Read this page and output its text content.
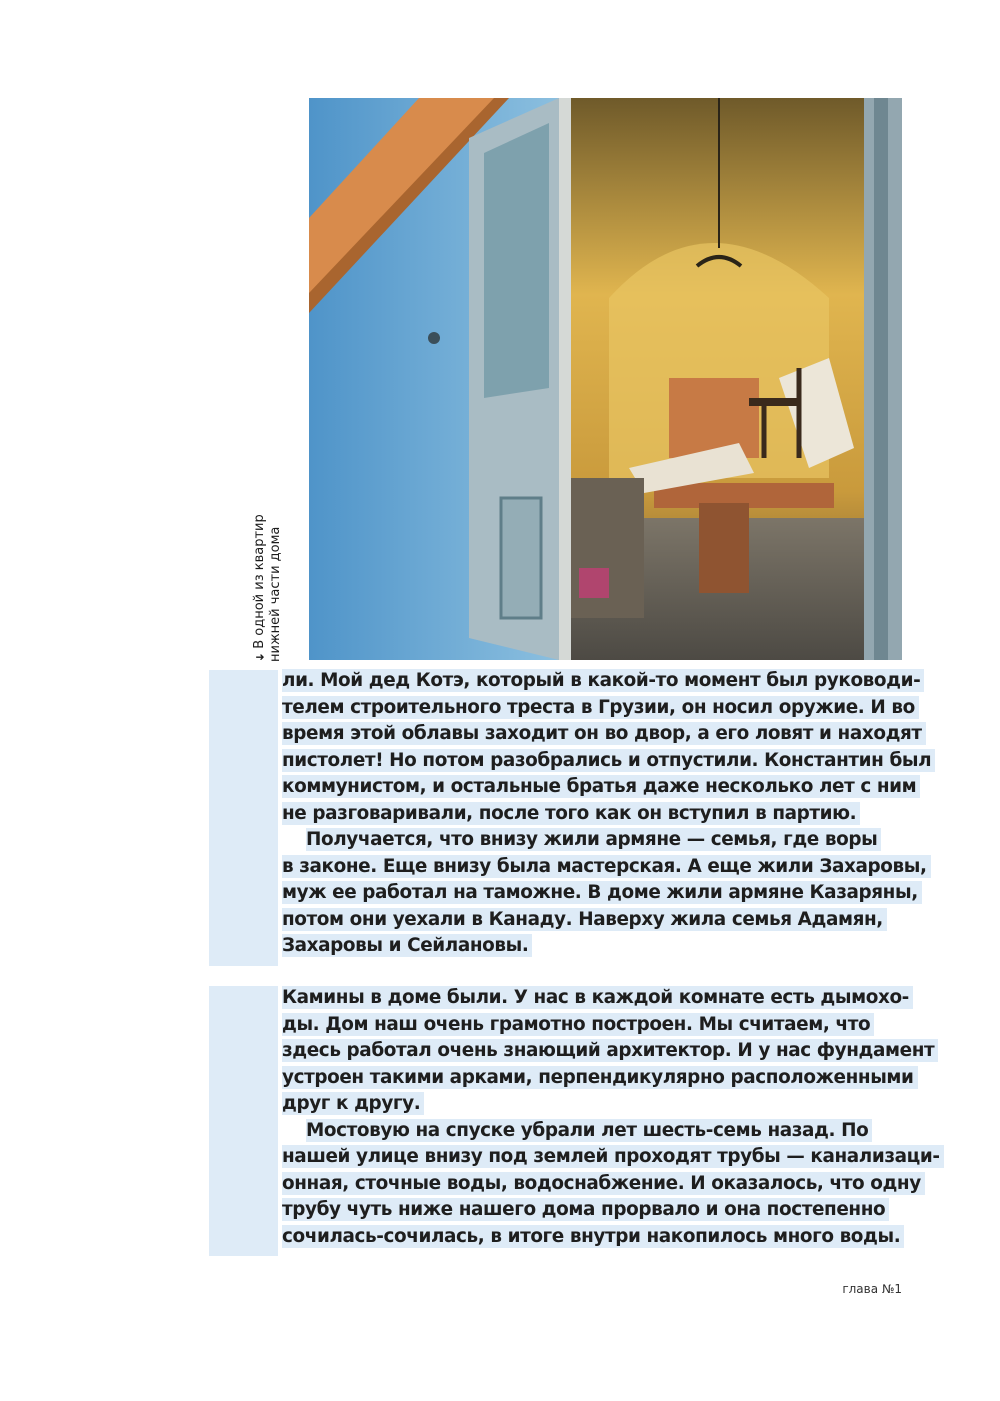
➜В одной из квартир нижней части дома
ли. Мой дед Котэ, который в какой-то момент был руководи-
телем строительного треста в Грузии, он носил оружие. И во
время этой облавы заходит он во двор, а его ловят и находят
пистолет! Но потом разобрались и отпустили. Константин был
коммунистом, и остальные братья даже несколько лет с ним
не разговаривали, после того как он вступил в партию.
Получается, что внизу жили армяне — семья, где воры
в законе. Еще внизу была мастерская. А еще жили Захаровы,
муж ее работал на таможне. В доме жили армяне Казаряны,
потом они уехали в Канаду. Наверху жила семья Адамян,
Захаровы и Сейлановы.
Камины в доме были. У нас в каждой комнате есть дымохо-
ды. Дом наш очень грамотно построен. Мы считаем, что
здесь работал очень знающий архитектор. И у нас фундамент
устроен такими арками, перпендикулярно расположенными
друг к другу.
Мостовую на спуске убрали лет шесть-семь назад. По
нашей улице внизу под землей проходят трубы — канализаци-
онная, сточные воды, водоснабжение. И оказалось, что одну
трубу чуть ниже нашего дома прорвало и она постепенно
сочилась-сочилась, в итоге внутри накопилось много воды.
глава №1
